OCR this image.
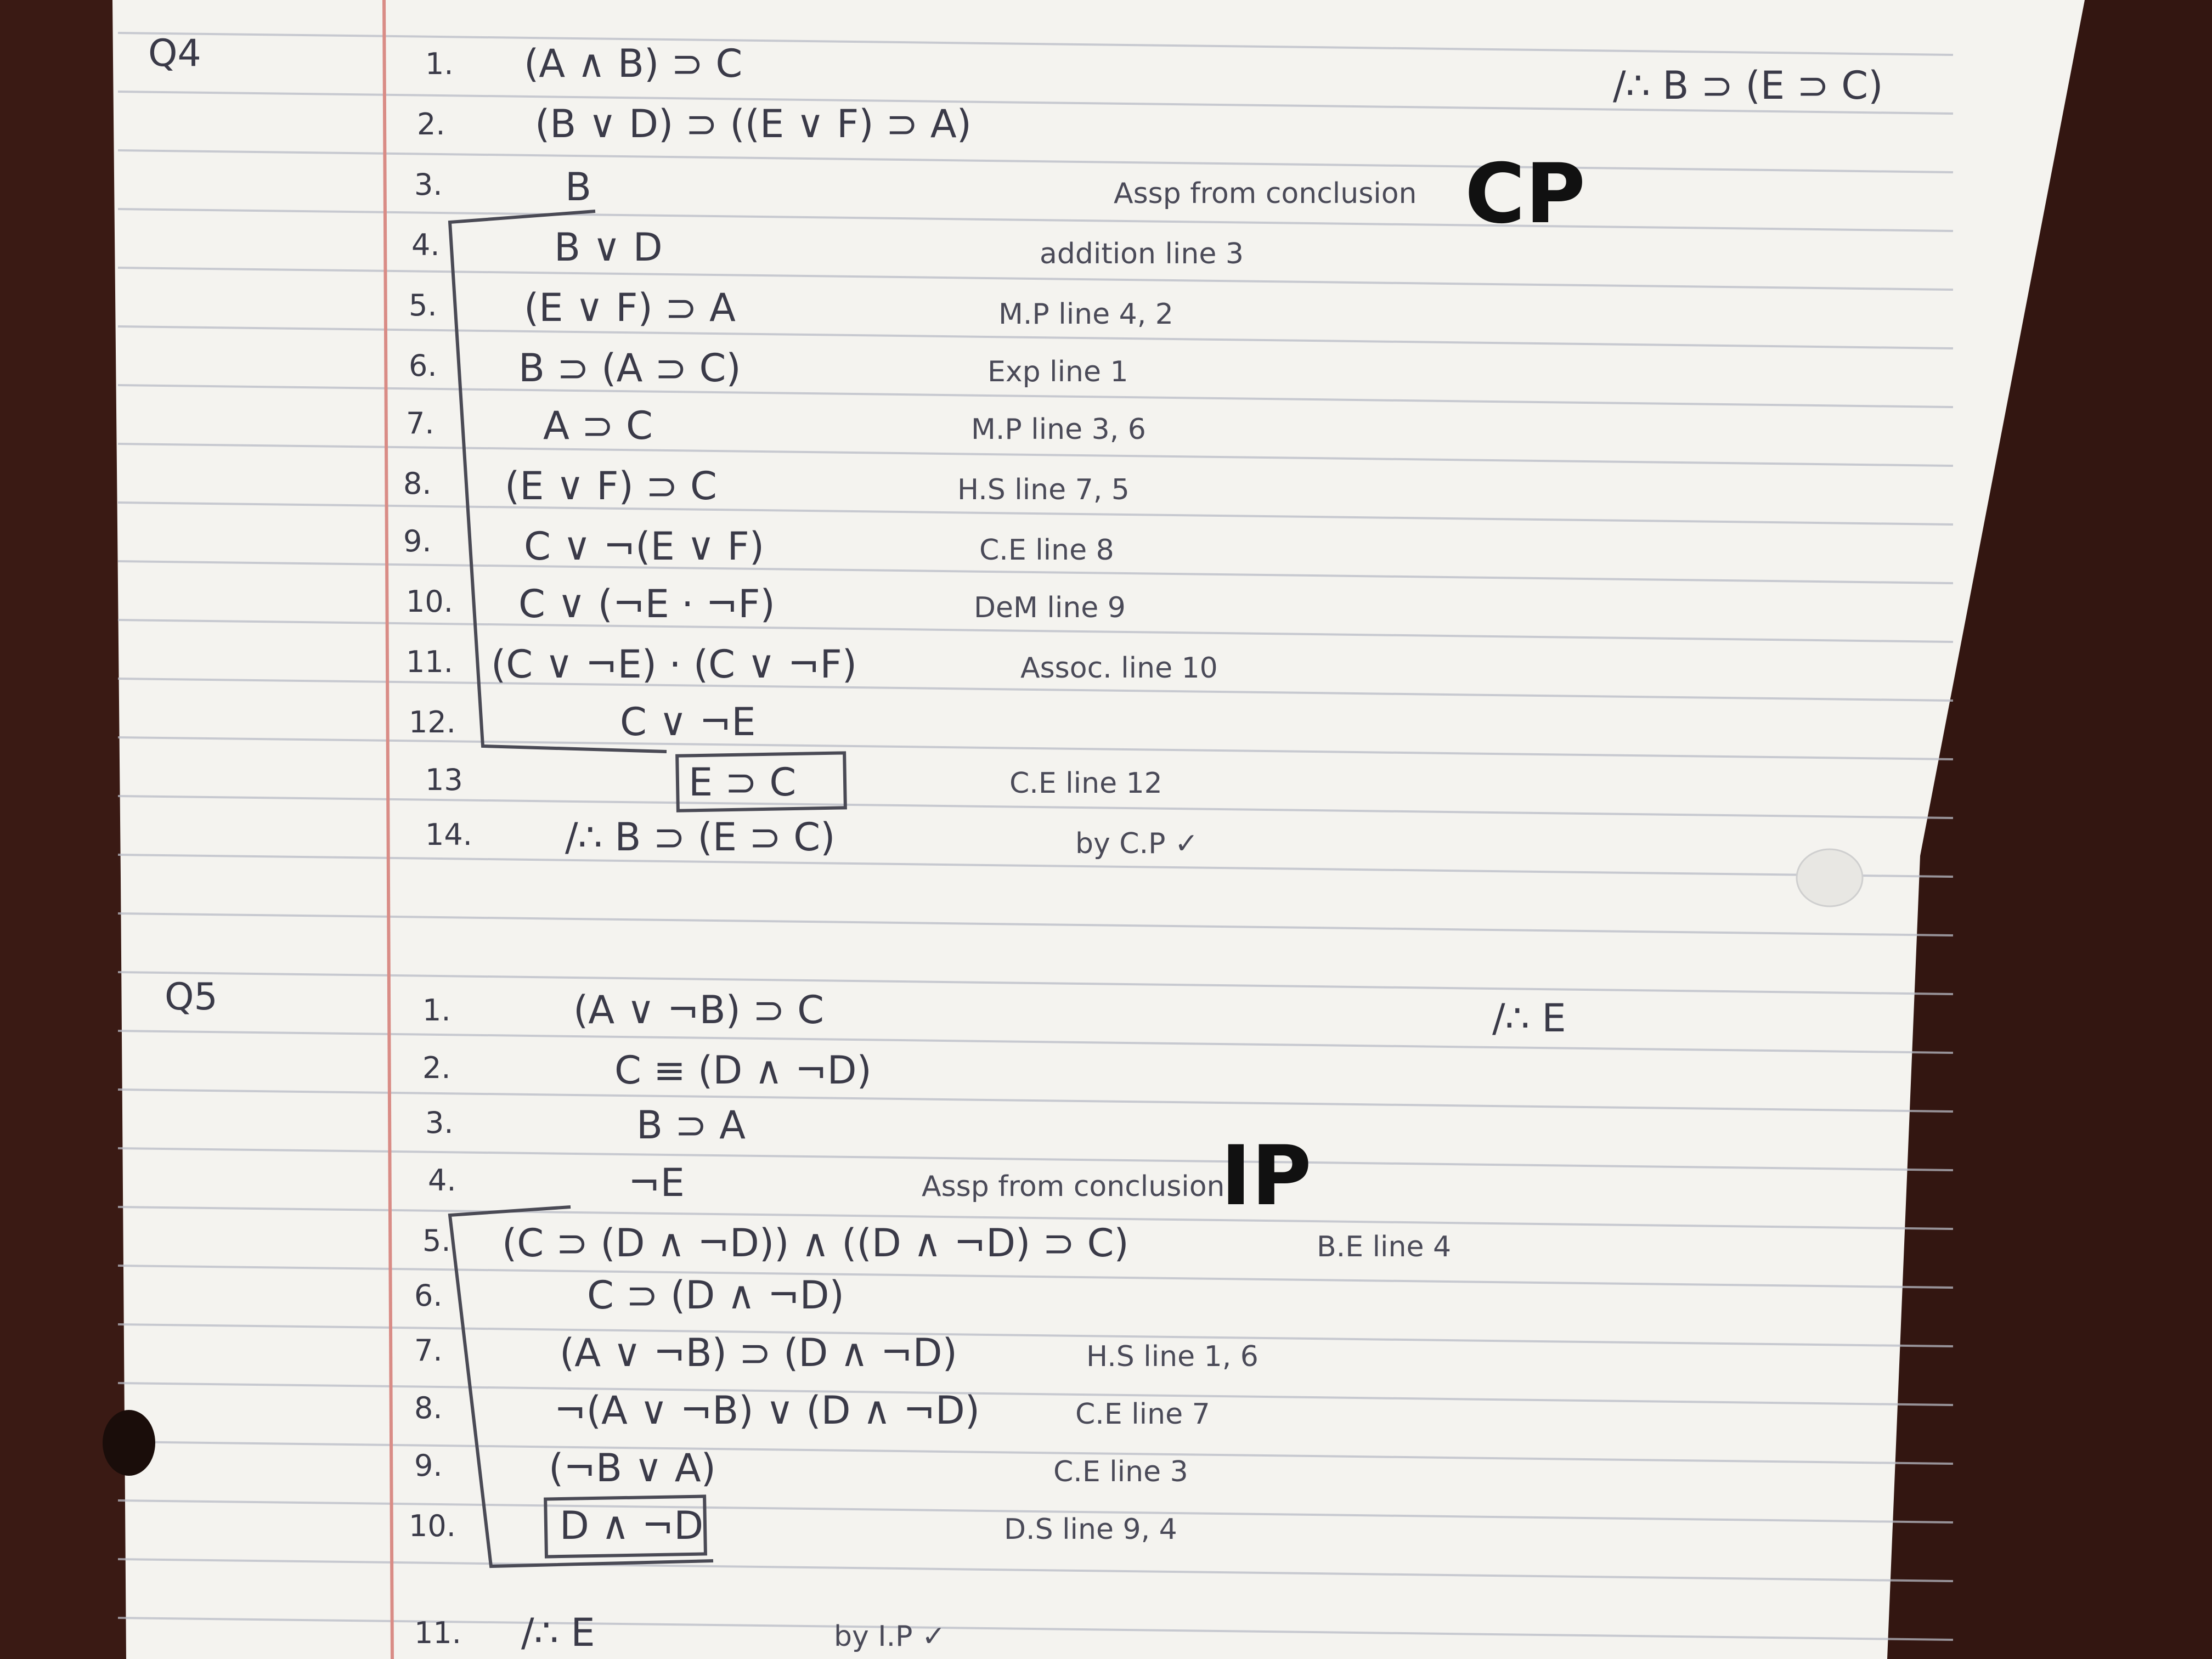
Q4
/∴ B ⊃ (E ⊃ C)
CP
1.
2.
3.
4.
5.
6.
7.
8.
9.
10.
11.
12.
13
14.
(A ∧ B) ⊃ C
(B ∨ D) ⊃ ((E ∨ F) ⊃ A)
B
B ∨ D
(E ∨ F) ⊃ A
B ⊃ (A ⊃ C)
A ⊃ C
(E ∨ F) ⊃ C
C ∨ ¬(E ∨ F)
C ∨ (¬E · ¬F)
(C ∨ ¬E) · (C ∨ ¬F)
C ∨ ¬E
E ⊃ C
/∴ B ⊃ (E ⊃ C)
Assp from conclusion
addition line 3
M.P line 4, 2
Exp line 1
M.P line 3, 6
H.S line 7, 5
C.E line 8
DeM line 9
Assoc. line 10
C.E line 12
by C.P ✓
Q5	/∴ E
IP
1.
2.
3.
4.
5.
6.
7.
8.
9.
10.
11.
(A ∨ ¬B) ⊃ C
C ≡ (D ∧ ¬D)
B ⊃ A
¬E
(C ⊃ (D ∧ ¬D)) ∧ ((D ∧ ¬D) ⊃ C)
C ⊃ (D ∧ ¬D)
(A ∨ ¬B) ⊃ (D ∧ ¬D)
¬(A ∨ ¬B) ∨ (D ∧ ¬D)
(¬B ∨ A)
D ∧ ¬D
/∴ E
Assp from conclusion
B.E line 4
H.S line 1, 6
C.E line 7
C.E line 3
D.S line 9, 4
by I.P ✓
